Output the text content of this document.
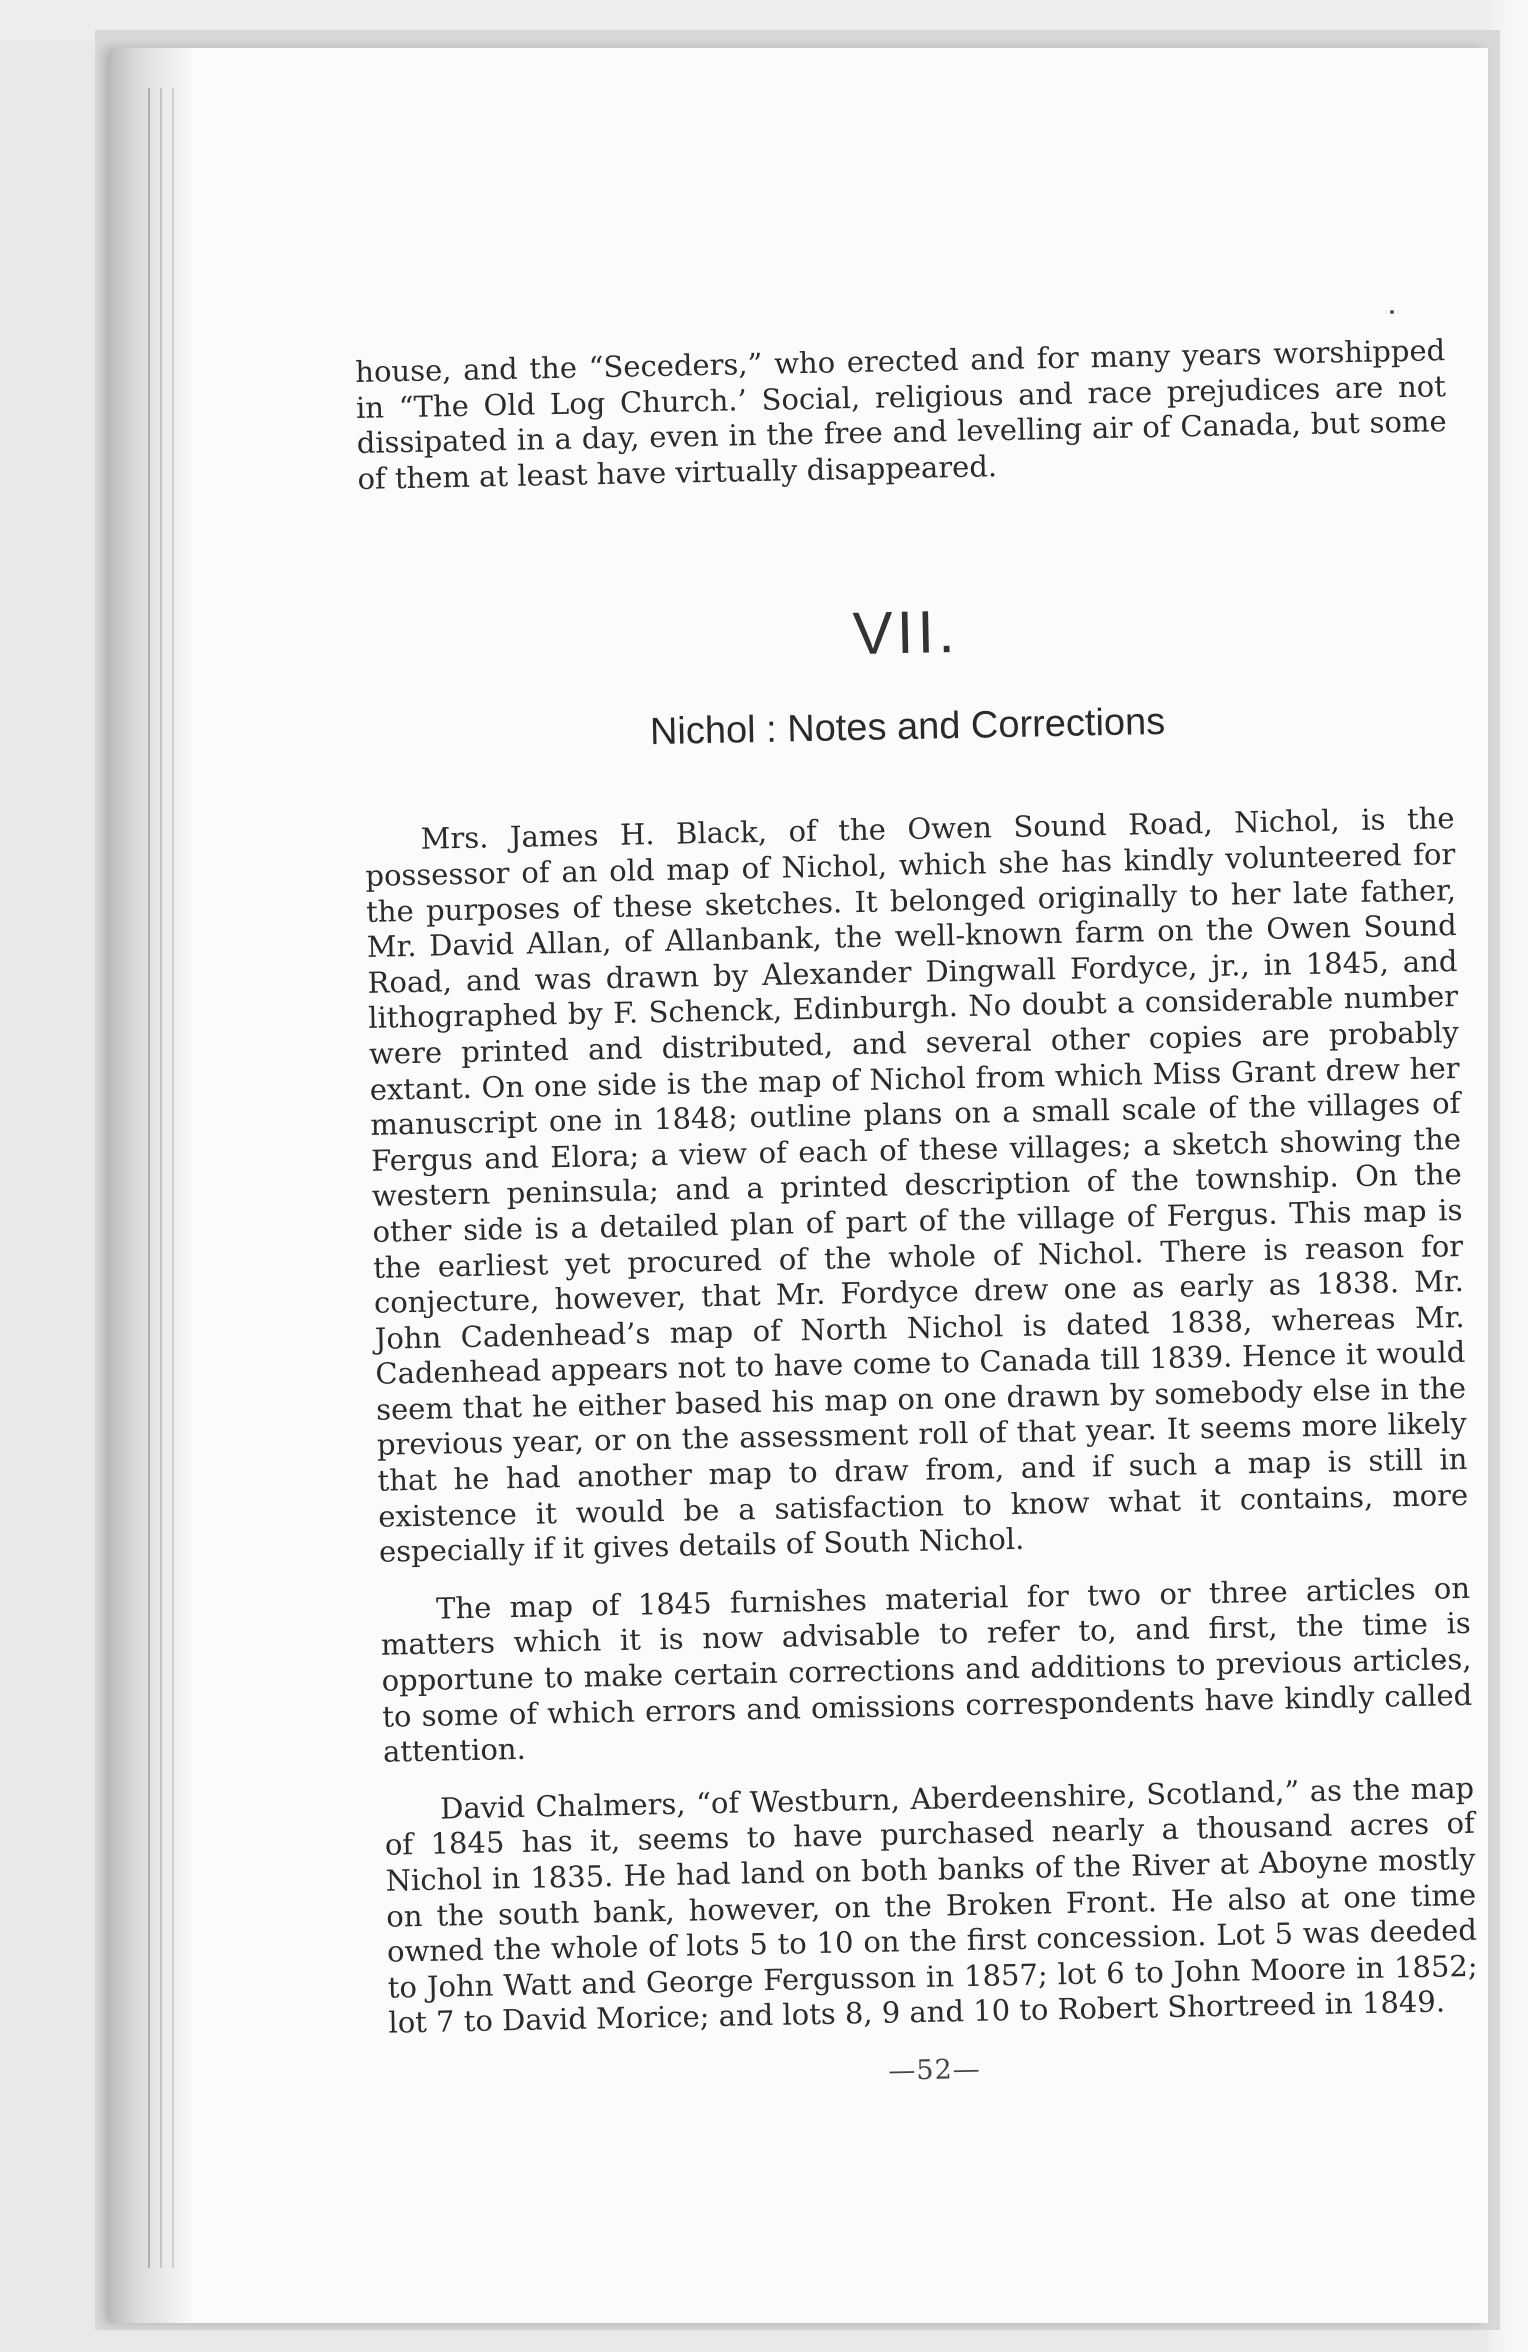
house, and the “Seceders,” who erected and for many years worshipped in “The Old Log Church.’ Social, religious and race prejudices are not dissipated in a day, even in the free and levelling air of Canada, but some of them at least have virtually disappeared.

VII.
Nichol : Notes and Corrections

Mrs. James H. Black, of the Owen Sound Road, Nichol, is the possessor of an old map of Nichol, which she has kindly volunteered for the purposes of these sketches. It belonged originally to her late father, Mr. David Allan, of Allanbank, the well-known farm on the Owen Sound Road, and was drawn by Alexander Dingwall Fordyce, jr., in 1845, and lithographed by F. Schenck, Edinburgh. No doubt a considerable number were printed and distributed, and several other copies are probably extant. On one side is the map of Nichol from which Miss Grant drew her manuscript one in 1848; outline plans on a small scale of the villages of Fergus and Elora; a view of each of these villages; a sketch showing the western peninsula; and a printed description of the township. On the other side is a detailed plan of part of the village of Fergus. This map is the earliest yet procured of the whole of Nichol. There is reason for conjecture, however, that Mr. Fordyce drew one as early as 1838. Mr. John Cadenhead’s map of North Nichol is dated 1838, whereas Mr. Cadenhead appears not to have come to Canada till 1839. Hence it would seem that he either based his map on one drawn by somebody else in the previous year, or on the assessment roll of that year. It seems more likely that he had another map to draw from, and if such a map is still in existence it would be a satisfaction to know what it contains, more especially if it gives details of South Nichol.

The map of 1845 furnishes material for two or three articles on matters which it is now advisable to refer to, and first, the time is opportune to make certain corrections and additions to previous articles, to some of which errors and omissions correspondents have kindly called attention.

David Chalmers, “of Westburn, Aberdeenshire, Scotland,” as the map of 1845 has it, seems to have purchased nearly a thousand acres of Nichol in 1835. He had land on both banks of the River at Aboyne mostly on the south bank, however, on the Broken Front. He also at one time owned the whole of lots 5 to 10 on the first concession. Lot 5 was deeded to John Watt and George Fergusson in 1857; lot 6 to John Moore in 1852; lot 7 to David Morice; and lots 8, 9 and 10 to Robert Shortreed in 1849.

—52—
